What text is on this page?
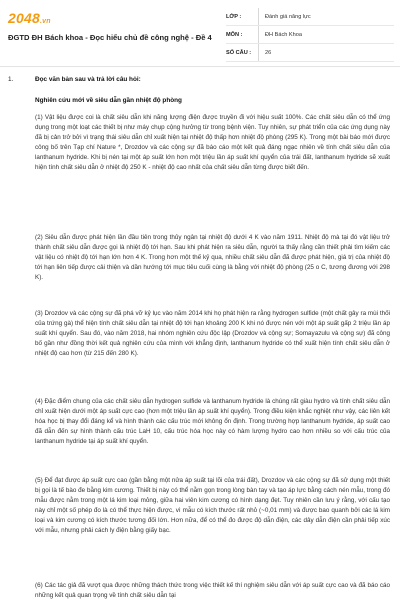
2048.vn
ĐGTD ĐH Bách khoa - Đọc hiểu chủ đề công nghệ - Đề 4
LỚP :	Đánh giá năng lực
MÔN :	ĐH Bách Khoa
SỐ CÂU :	26
1.	Đọc văn bản sau và trả lời câu hỏi:
Nghiên cứu mới về siêu dẫn gần nhiệt độ phòng
(1) Vật liệu được coi là chất siêu dẫn khi năng lượng điện được truyền đi với hiệu suất 100%. Các chất siêu dẫn có thể ứng dụng trong một loạt các thiết bị như máy chụp cộng hưởng từ trong bệnh viện. Tuy nhiên, sự phát triển của các ứng dụng này đã bị cản trở bởi vì trạng thái siêu dẫn chỉ xuất hiện tại nhiệt độ thấp hơn nhiệt độ phòng (295 K). Trong một bài báo mới được công bố trên Tạp chí Nature *, Drozdov và các cộng sự đã báo cáo một kết quả đáng ngạc nhiên về tính chất siêu dẫn của lanthanum hydride. Khi bị nén tại một áp suất lớn hơn một triệu lần áp suất khí quyển của trái đất, lanthanum hydride sẽ xuất hiện tính chất siêu dẫn ở nhiệt độ 250 K - nhiệt độ cao nhất của chất siêu dẫn từng được biết đến.
(2) Siêu dẫn được phát hiện lần đầu tiên trong thủy ngân tại nhiệt độ dưới 4 K vào năm 1911. Nhiệt độ mà tại đó vật liệu trở thành chất siêu dẫn được gọi là nhiệt độ tới hạn. Sau khi phát hiện ra siêu dẫn, người ta thấy rằng cần thiết phải tìm kiếm các vật liệu có nhiệt độ tới hạn lớn hơn 4 K. Trong hơn một thế kỷ qua, nhiều chất siêu dẫn đã được phát hiện, giá trị của nhiệt độ tới hạn liên tiếp được cải thiện và dần hướng tới mục tiêu cuối cùng là bằng với nhiệt độ phòng (25 o C, tương đương với 298 K).
(3) Drozdov và các cộng sự đã phá vỡ kỷ lục vào năm 2014 khi họ phát hiện ra rằng hydrogen sulfide (một chất gây ra mùi thối của trứng gà) thể hiện tính chất siêu dẫn tại nhiệt độ tới hạn khoảng 200 K khi nó được nén với một áp suất gấp 2 triệu lần áp suất khí quyển. Sau đó, vào năm 2018, hai nhóm nghiên cứu độc lập (Drozdov và cộng sự; Somayazulu và cộng sự) đã công bố gần như đồng thời kết quả nghiên cứu của mình với khẳng định, lanthanum hydride có thể xuất hiện tính chất siêu dẫn ở nhiệt độ cao hơn (từ 215 đến 280 K).
(4) Đặc điểm chung của các chất siêu dẫn hydrogen sulfide và lanthanum hydride là chúng rất giàu hydro và tính chất siêu dẫn chỉ xuất hiện dưới một áp suất cực cao (hơn một triệu lần áp suất khí quyển). Trong điều kiện khắc nghiệt như vậy, các liên kết hóa học bị thay đổi đáng kể và hình thành các cấu trúc mới không ổn định. Trong trường hợp lanthanum hydride, áp suất cao đã dẫn đến sự hình thành cấu trúc LaH 10, cấu trúc hóa học này có hàm lượng hydro cao hơn nhiều so với cấu trúc của lanthanum hydride tại áp suất khí quyển.
(5) Để đạt được áp suất cực cao (gần bằng một nửa áp suất tại lõi của trái đất), Drozdov và các cộng sự đã sử dụng một thiết bị gọi là tế bào đe bằng kim cương. Thiết bị này có thể nằm gọn trong lòng bàn tay và tạo áp lực bằng cách nén mẫu, trong đó mẫu được nằm trong một lá kim loại mỏng, giữa hai viên kim cương có hình dạng đẹt. Tuy nhiên cần lưu ý rằng, với cấu tạo này chỉ một số phép đo là có thể thực hiện được, vì mẫu có kích thước rất nhỏ (~0,01 mm) và được bao quanh bởi các lá kim loại và kim cương có kích thước tương đối lớn. Hơn nữa, để có thể đo được độ dẫn điện, các dây dẫn điện cần phải tiếp xúc với mẫu, nhưng phải cách ly điện bằng giấy bạc.
(6) Các tác giả đã vượt qua được những thách thức trong việc thiết kế thí nghiệm siêu dẫn với áp suất cực cao và đã báo cáo những kết quả quan trọng về tính chất siêu dẫn tại
